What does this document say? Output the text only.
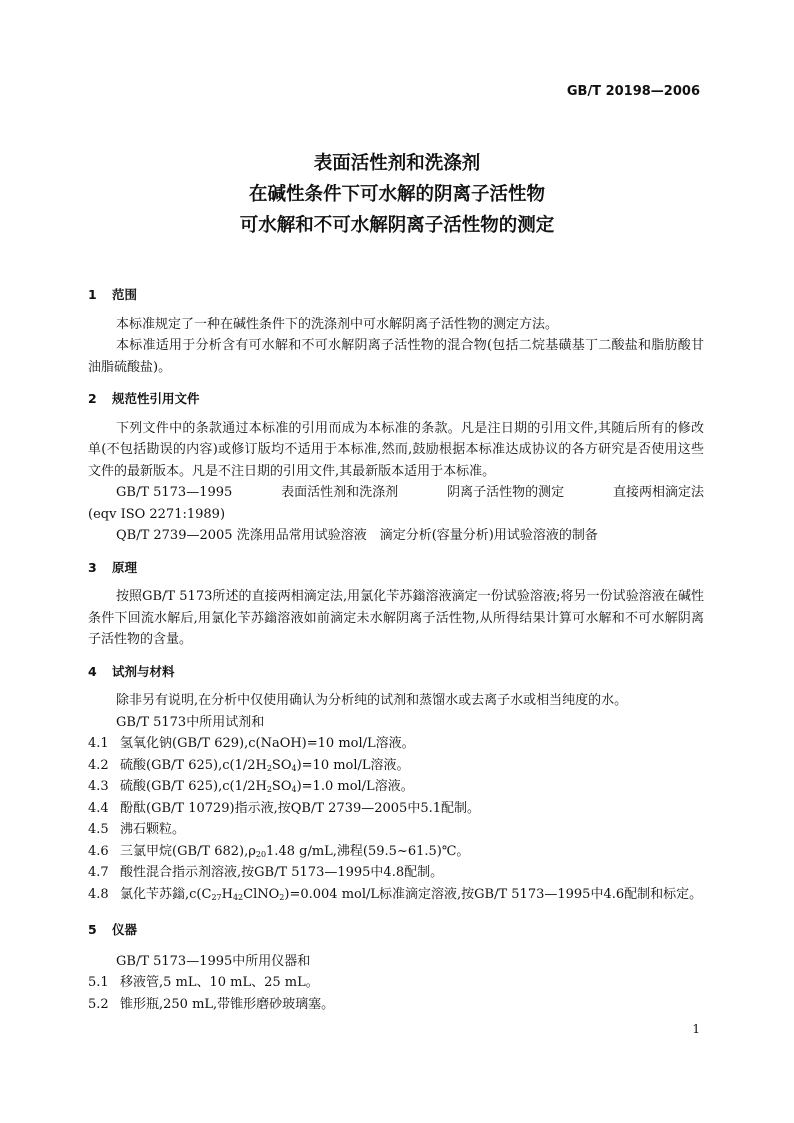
GB/T 20198—2006
表面活性剂和洗涤剂
在碱性条件下可水解的阴离子活性物
可水解和不可水解阴离子活性物的测定
1 范围
本标准规定了一种在碱性条件下的洗涤剂中可水解阴离子活性物的测定方法。
本标准适用于分析含有可水解和不可水解阴离子活性物的混合物(包括二烷基磺基丁二酸盐和脂肪酸甘油脂硫酸盐)。
2 规范性引用文件
下列文件中的条款通过本标准的引用而成为本标准的条款。凡是注日期的引用文件,其随后所有的修改单(不包括勘误的内容)或修订版均不适用于本标准,然而,鼓励根据本标准达成协议的各方研究是否使用这些文件的最新版本。凡是不注日期的引用文件,其最新版本适用于本标准。
GB/T 5173—1995	表面活性剂和洗涤剂	阴离子活性物的测定	直接两相滴定法
(eqv ISO 2271:1989)
QB/T 2739—2005 洗涤用品常用试验溶液　滴定分析(容量分析)用试验溶液的制备
3 原理
按照GB/T 5173所述的直接两相滴定法,用氯化苄苏鎓溶液滴定一份试验溶液;将另一份试验溶液在碱性条件下回流水解后,用氯化苄苏鎓溶液如前滴定未水解阴离子活性物,从所得结果计算可水解和不可水解阴离子活性物的含量。
4 试剂与材料
除非另有说明,在分析中仅使用确认为分析纯的试剂和蒸馏水或去离子水或相当纯度的水。
GB/T 5173中所用试剂和
4.1 氢氧化钠(GB/T 629),c(NaOH)=10 mol/L溶液。
4.2 硫酸(GB/T $625),c(1/2H_2SO_4)=10$ mol/L溶液。
4.3 硫酸(GB/T $625),c(1/2H_2SO_4)=1.0$ mol/L溶液。
4.4 酚酞(GB/T 10729)指示液,按QB/T 2739—2005中5.1配制。
4.5 沸石颗粒。
4.6 三氯甲烷(GB/T $682),\rho_{20}1.48$ g/mL,沸程(59.5~61.5)℃。
4.7 酸性混合指示剂溶液,按GB/T 5173—1995中4.8配制。
4.8 氯化苄苏鎓$,c(C_{27}H_{42}ClNO_2)=0.004$ mol/L标准滴定溶液,按GB/T 5173—1995中4.6配制和标定。
5 仪器
GB/T 5173—1995中所用仪器和
5.1 移液管,5 mL、10 mL、25 mL。
5.2 锥形瓶,250 mL,带锥形磨砂玻璃塞。
1
